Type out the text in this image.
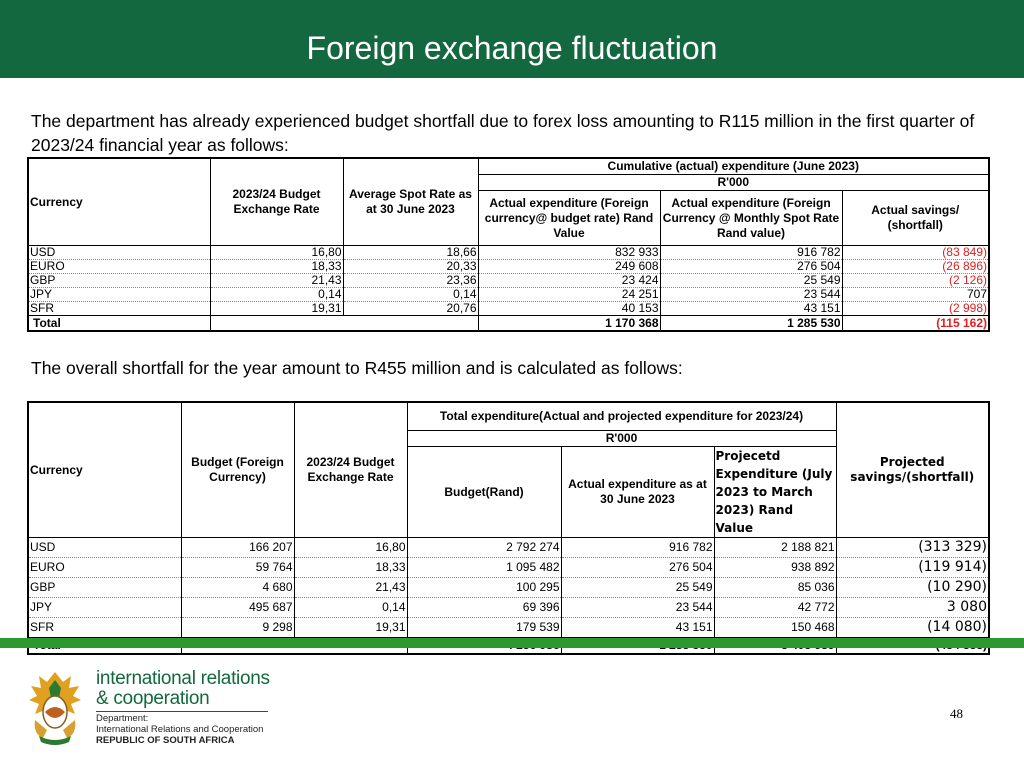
Foreign exchange fluctuation
The department has already experienced budget shortfall due to forex loss amounting to R115 million in the first quarter of 2023/24 financial year as follows:
Currency	2023/24 Budget Exchange Rate	Average Spot Rate as at 30 June 2023	Cumulative (actual) expenditure (June 2023)		
			R'000		
			Actual expenditure (Foreign currency@ budget rate) Rand Value	Actual expenditure (Foreign Currency @ Monthly Spot Rate Rand value)	Actual savings/ (shortfall)
USD	16,80	18,66	832 933	916 782	(83 849)
EURO	18,33	20,33	249 608	276 504	(26 896)
GBP	21,43	23,36	23 424	25 549	(2 126)
JPY	0,14	0,14	24 251	23 544	707
SFR	19,31	20,76	40 153	43 151	(2 998)
Total			1 170 368	1 285 530	(115 162)
The overall shortfall for the year amount to R455 million and is calculated as follows:
Currency	Budget (Foreign Currency)	2023/24 Budget Exchange Rate	Total expenditure(Actual and projected expenditure for 2023/24)			Projected savings/(shortfall)
			R'000			
			Budget(Rand)	Actual expenditure as at 30 June 2023	Projecetd Expenditure (July 2023 to March 2023) Rand Value	
USD	166 207	16,80	2 792 274	916 782	2 188 821	(313 329)
EURO	59 764	18,33	1 095 482	276 504	938 892	(119 914)
GBP	4 680	21,43	100 295	25 549	85 036	(10 290)
JPY	495 687	0,14	69 396	23 544	42 772	3 080
SFR	9 298	19,31	179 539	43 151	150 468	(14 080)

international relations
& cooperation
Department:
International Relations and Cooperation
REPUBLIC OF SOUTH AFRICA
48
